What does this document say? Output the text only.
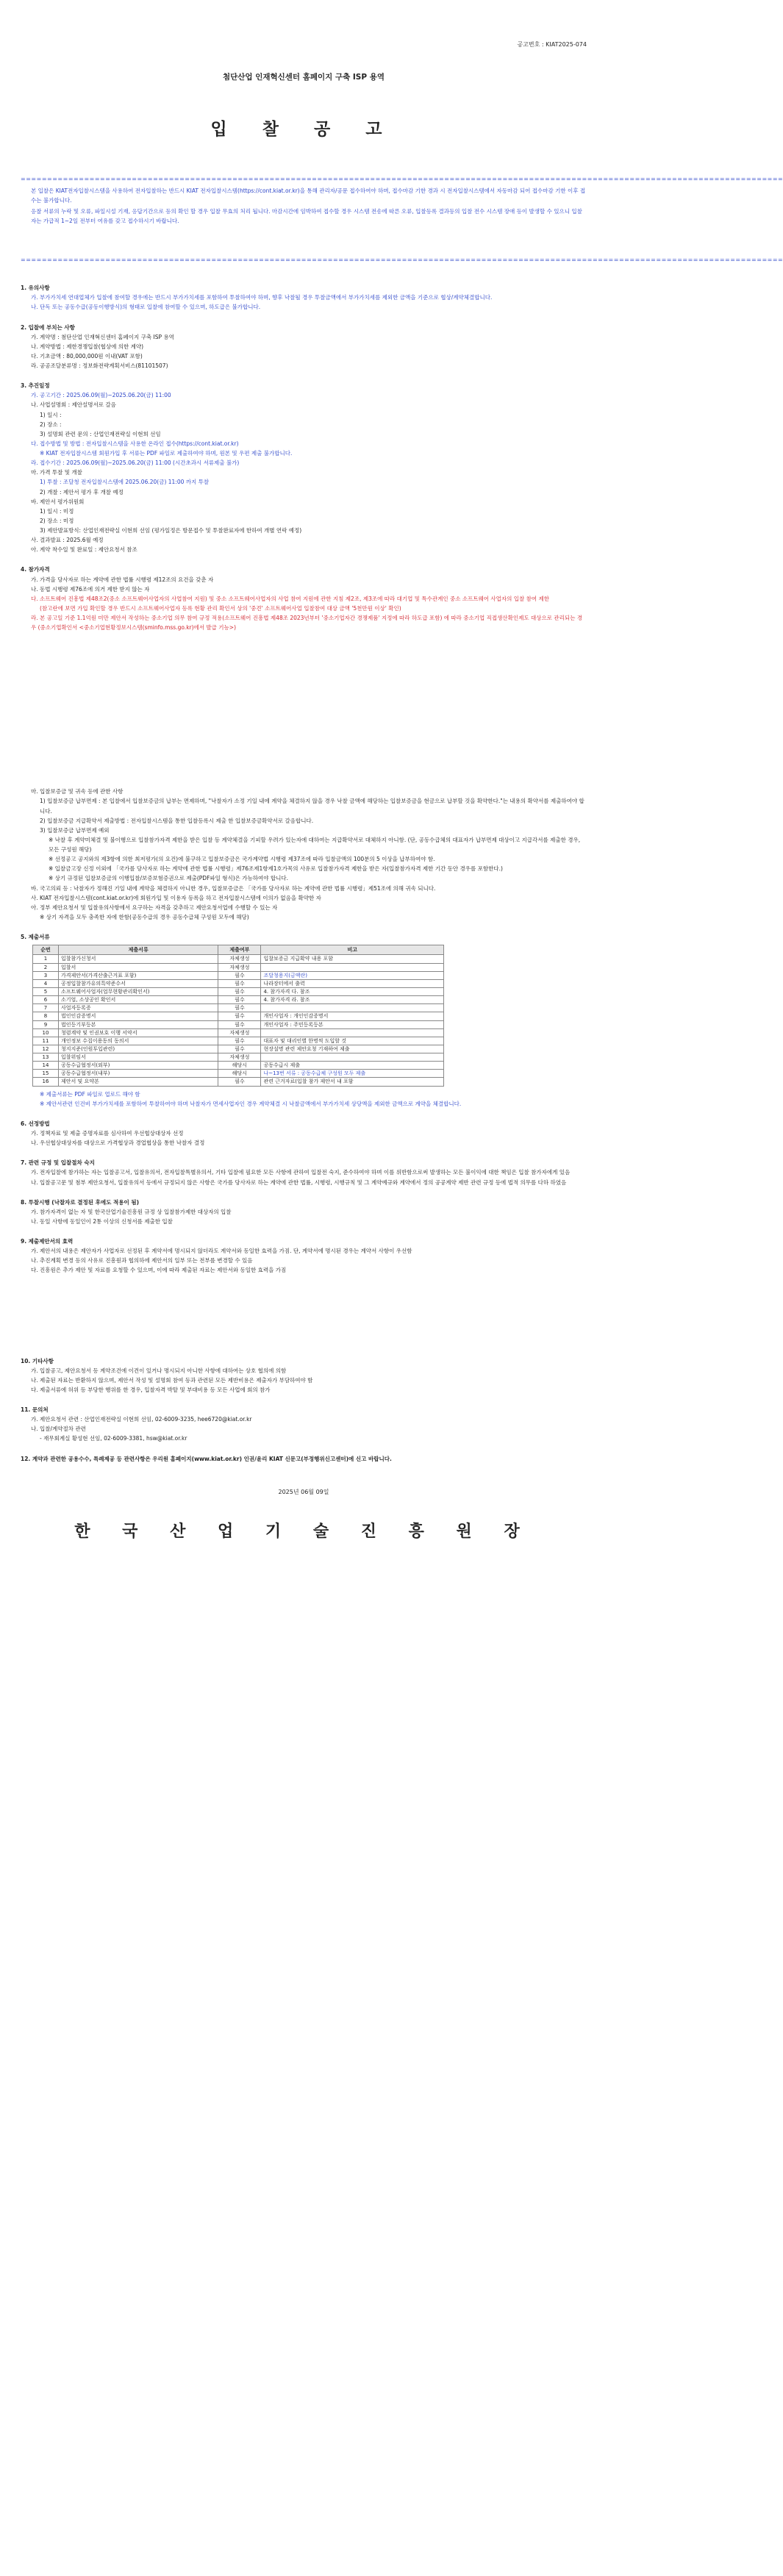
공고번호 : KIAT2025-074
첨단산업 인재혁신센터 홈페이지 구축 ISP 용역
입 찰 공 고
================================================================================================================================================
본 입찰은 KIAT전자입찰시스템을 사용하여 전자입찰하는 반드시 KIAT 전자입찰시스템(https://cont.kiat.or.kr)을 통해 관리자/공문 접수하여야 하며, 접수마감 기한 경과 시 전자입찰시스템에서 자동마감 되어 접수마감 기한 이후 접수는 불가합니다.
응찰 서류의 누락 및 오류, 파일시설 기재, 응답기간으로 등의 확인 할 경우 입찰 무효의 처리 됩니다. 마감시간에 임박하여 접수할 경우 시스템 전송에 따른 오류, 입찰등록 결과등의 입찰 전수 시스템 장애 등이 발생할 수 있으니 입찰자는 가급적 1~2일 전부터 여유를 갖고 접수하시기 바랍니다.
================================================================================================================================================
1. 유의사항
가. 부가가치세 연대업체가 입찰에 참여할 경우에는 반드시 부가가치세를 포함하여 투찰하여야 하며, 향후 낙찰될 경우 투찰금액에서 부가가치세를 제외한 금액을 기준으로 협상/계약체결합니다.
나. 단독 또는 공동수급(공동이행방식)의 형태로 입찰에 참여할 수 있으며, 하도급은 불가합니다.
2. 입찰에 부치는 사항
가. 계약명 : 첨단산업 인재혁신센터 홈페이지 구축 ISP 용역
나. 계약방법 : 제한경쟁입찰(협상에 의한 계약)
다. 기초금액 : 80,000,000원 이내(VAT 포함)
라. 공공조달분류명 : 정보화전략계획서비스(81101507)
3. 추진일정
가. 공고기간 : 2025.06.09(월)~2025.06.20(금) 11:00
나. 사업설명회 : 제안설명서로 갈음
1) 일시 :
2) 장소 :
3) 설명회 관련 문의 : 산업인재전략실 이현희 선임
다. 접수방법 및 방법 : 전자입찰시스템을 사용한 온라인 접수(https://cont.kiat.or.kr)
※ KIAT 전자입찰시스템 회원가입 후 서류는 PDF 파일로 제출하여야 하며, 원본 및 우편 제출 불가합니다.
라. 접수기간 : 2025.06.09(월)~2025.06.20(금) 11:00 (시간초과시 서류제출 불가)
마. 가격 투찰 및 개찰
1) 투찰 : 조달청 전자입찰시스템에 2025.06.20(금) 11:00 까지 투찰
2) 개찰 : 제안서 평가 후 개찰 예정
바. 제안서 평가위원회
1) 일시 : 미정
2) 장소 : 미정
3) 제안발표방식: 산업인재전략실 이현희 선임 (평가일정은 방문접수 및 투찰완료자에 한하여 개별 연락 예정)
사. 결과발표 : 2025.6월 예정
아. 계약 착수일 및 완료일 : 제안요청서 참조
4. 참가자격
가. 가격을 당사자로 하는 계약에 관한 법률 시행령 제12조의 요건을 갖춘 자
나. 동법 시행령 제76조에 의거 제한 받지 않는 자
다. 소프트웨어 진흥법 제48조2(중소 소프트웨어사업자의 사업참여 지원) 및 중소 소프트웨어사업자의 사업 참여 지원에 관한 지침 제2조, 제3조에 따라 대기업 및 특수관계인 중소 소프트웨어 사업자의 입찰 참여 제한
(참고란에 보면 가입 확인할 경우 반드시 소프트웨어사업자 등록 현황 관리 확인서 상의 '중견' 소프트웨어사업 입찰참여 대상 금액 '5천만원 이상' 확인)
라. 본 공고일 기준 1.1억원 미만 제안서 작성하는 중소기업 의무 참여 규정 적용(소프트웨어 진흥법 제48조 2023년부터 '중소기업자간 경쟁제품' 지정에 따라 하도급 포함) 에 따라 중소기업 직접생산확인제도 대상으로 관리되는 경우 (중소기업확인서 <중소기업현황정보시스템(sminfo.mss.go.kr)에서 발급 기능>)
마. 입찰보증금 및 귀속 등에 관한 사항
1) 입찰보증금 납부면제 : 본 입찰에서 입찰보증금의 납부는 면제하며, "낙찰자가 소정 기일 내에 계약을 체결하지 않을 경우 낙찰 금액에 해당하는 입찰보증금을 현금으로 납부할 것을 확약한다."는 내용의 확약서를 제출하여야 합니다.
2) 입찰보증금 지급확약서 제출방법 : 전자입찰시스템을 통한 입찰등록시 제출 한 입찰보증금확약서로 갈음합니다.
3) 입찰보증금 납부면제 예외
※ 낙찰 후 계약미체결 및 불이행으로 입찰참가자격 제한을 받은 입찰 등 계약체결을 기피할 우려가 있는자에 대하여는 지급확약서로 대체하지 아니함. (단, 공동수급체의 대표자가 납부면제 대상이고 지급각서를 제출한 경우, 모든 구성원 해당)
※ 선정공고 공지와의 제3항에 의한 최저평가(의 요건)에 불구하고 입찰보증금은 국가계약법 시행령 제37조에 따라 입찰금액의 100분의 5 이상을 납부하여야 함.
※ 입찰금고장 신정 이외에 「국가를 당사자로 하는 계약에 관한 법률 시행령」제76조제1항제1호가목의 사유로 입찰참가자격 제한을 받은 자(입찰참가자격 제한 기간 동안 경우를 포함한다.)
※ 상기 규정된 입찰보증금의 이행입찰/보증보험증권으로 제출(PDF파일 형식)은 가능하여야 합니다.
바. 국고의뢰 등 : 낙찰자가 정해진 기일 내에 계약을 체결하지 아니한 경우, 입찰보증금은 「국가를 당사자로 하는 계약에 관한 법률 시행령」제51조에 의해 귀속 되니다.
사. KIAT 전자입찰시스템(cont.kiat.or.kr)에 회원가입 및 이용자 등록을 하고 전자입찰시스템에 이의가 없음을 확약한 자
아. 정부 제안요청서 및 입찰유의사항에서 요구하는 자격을 갖추하고 제안요청서업에 수행할 수 있는 자
※ 상기 자격을 모두 충족한 자에 한함(공동수급의 경우 공동수급체 구성원 모두에 해당)
5. 제출서류
순번	제출서류	제출여부	비고
1	입찰참가신청서	자체생성	입찰보증금 지급확약 내용 포함
2	입찰서	자체생성	
3	가격제안서(가격산출근거표 포함)	필수	조달청용지(금액란)
4	공정입찰참가유의특약준수서	필수	나라장터에서 출력
5	소프트웨어사업자(업무현황관리확인서)	필수	4. 참가자격 다. 참조
6	소기업, 소상공인 확인서	필수	4. 참가자격 라. 참조
7	사업자등록증	필수	
8	법인인감증명서	필수	개인사업자 : 개인인감증명서
9	법인등기부등본	필수	개인사업자 : 주민등록등본
10	청렴계약 및 인권보호 이행 서약서	자체생성	
11	개인정보 수집이용동의 동의서	필수	대표자 및 대리인별 한명씩 도입할 것
12	청지지준(인원투입관련)	필수	현장설명 관련 제안요청 기재하여 제출
13	입찰위임서	자체생성	
14	공동수급협정서(외부)	해당시	공동수급시 제출
15	공동수급협정서(내부)	해당시	나~13번 서류 : 공동수급체 구성원 모두 제출
16	제안서 및 요약본	필수	관련 근거자료(입찰 참가 제안서 내 포함
※ 제출서류는 PDF 파일로 업로드 해야 함
※ 제안서관련 인건비 부가가치세를 포함하여 투찰하여야 하며 낙찰자가 면세사업자인 경우 계약체결 시 낙찰금액에서 부가가치세 상당액을 제외한 금액으로 계약을 체결합니다.
6. 선정방법
가. 정책자료 및 제출 증명자료를 심사하여 우선협상대상자 선정
나. 우선협상대상자를 대상으로 가격협상과 경업협상을 통한 낙찰자 결정
7. 관련 규정 및 입찰절차 숙지
가. 전자입찰에 참가하는 자는 입찰공고서, 입찰유의서, 전자입찰특별유의서, 기타 입찰에 필요한 모든 사항에 관하여 입찰전 숙지, 준수하여야 하며 이를 위반함으로써 발생하는 모든 불이익에 대한 책임은 입찰 참가자에게 있음
나. 입찰공고문 및 첨부 제안요청서, 입찰유의서 등에서 규정되지 않은 사항은 국가를 당사자로 하는 계약에 관한 법률, 시행령, 시행규칙 및 그 계약예규와 계약에서 정의 공공계약 제반 관련 규정 등에 법적 의무를 다하 하였음
8. 투찰시행 (낙찰자로 결정된 후에도 적용이 됨)
가. 참가자격이 없는 자 및 한국산업기술진흥원 규정 상 입찰참가제한 대상자의 입찰
나. 동일 사항에 동일인이 2통 이상의 신청서를 제출한 입찰
9. 제출제안서의 효력
가. 제안서의 내용은 제안자가 사업자로 선정된 후 계약서에 명시되지 않더라도 계약서와 동일한 효력을 가짐. 단, 계약서에 명시된 경우는 계약서 사항이 우선함
나. 추진계획 변경 등의 사유로 진흥원과 협의하에 제안서의 일부 또는 전부를 변경할 수 있음
다. 진흥원은 추가 제안 및 자료를 요청할 수 있으며, 이에 따라 제출된 자료는 제안서와 동일한 효력을 가짐
10. 기타사항
가. 입찰공고, 제안요청서 등 계약조건에 이견이 있거나 명시되지 아니한 사항에 대하여는 상호 협의에 의함
나. 제출된 자료는 반환하지 않으며, 제안서 작성 및 설명회 참여 등과 관련된 모든 제반비용은 제출자가 부담하여야 함
다. 제출서류에 허위 등 부당한 행위를 한 경우, 입찰자격 박탈 및 부대비용 등 모든 사업에 회의 참가
11. 문의처
가. 제안요청서 관련 : 산업인재전략실 이현희 선임, 02-6009-3235, hee6720@kiat.or.kr
나. 입찰/계약절차 관련
- 재무회계실 황성현 선임, 02-6009-3381, hsw@kiat.or.kr
12. 계약과 관련한 공용수수, 특례제공 등 관련사항은 우리원 홈페이지(www.kiat.or.kr) 인권/윤리 KIAT 신문고(부정행위신고센터)에 신고 바랍니다.
2025년 06월 09일
한 국 산 업 기 술 진 흥 원 장
